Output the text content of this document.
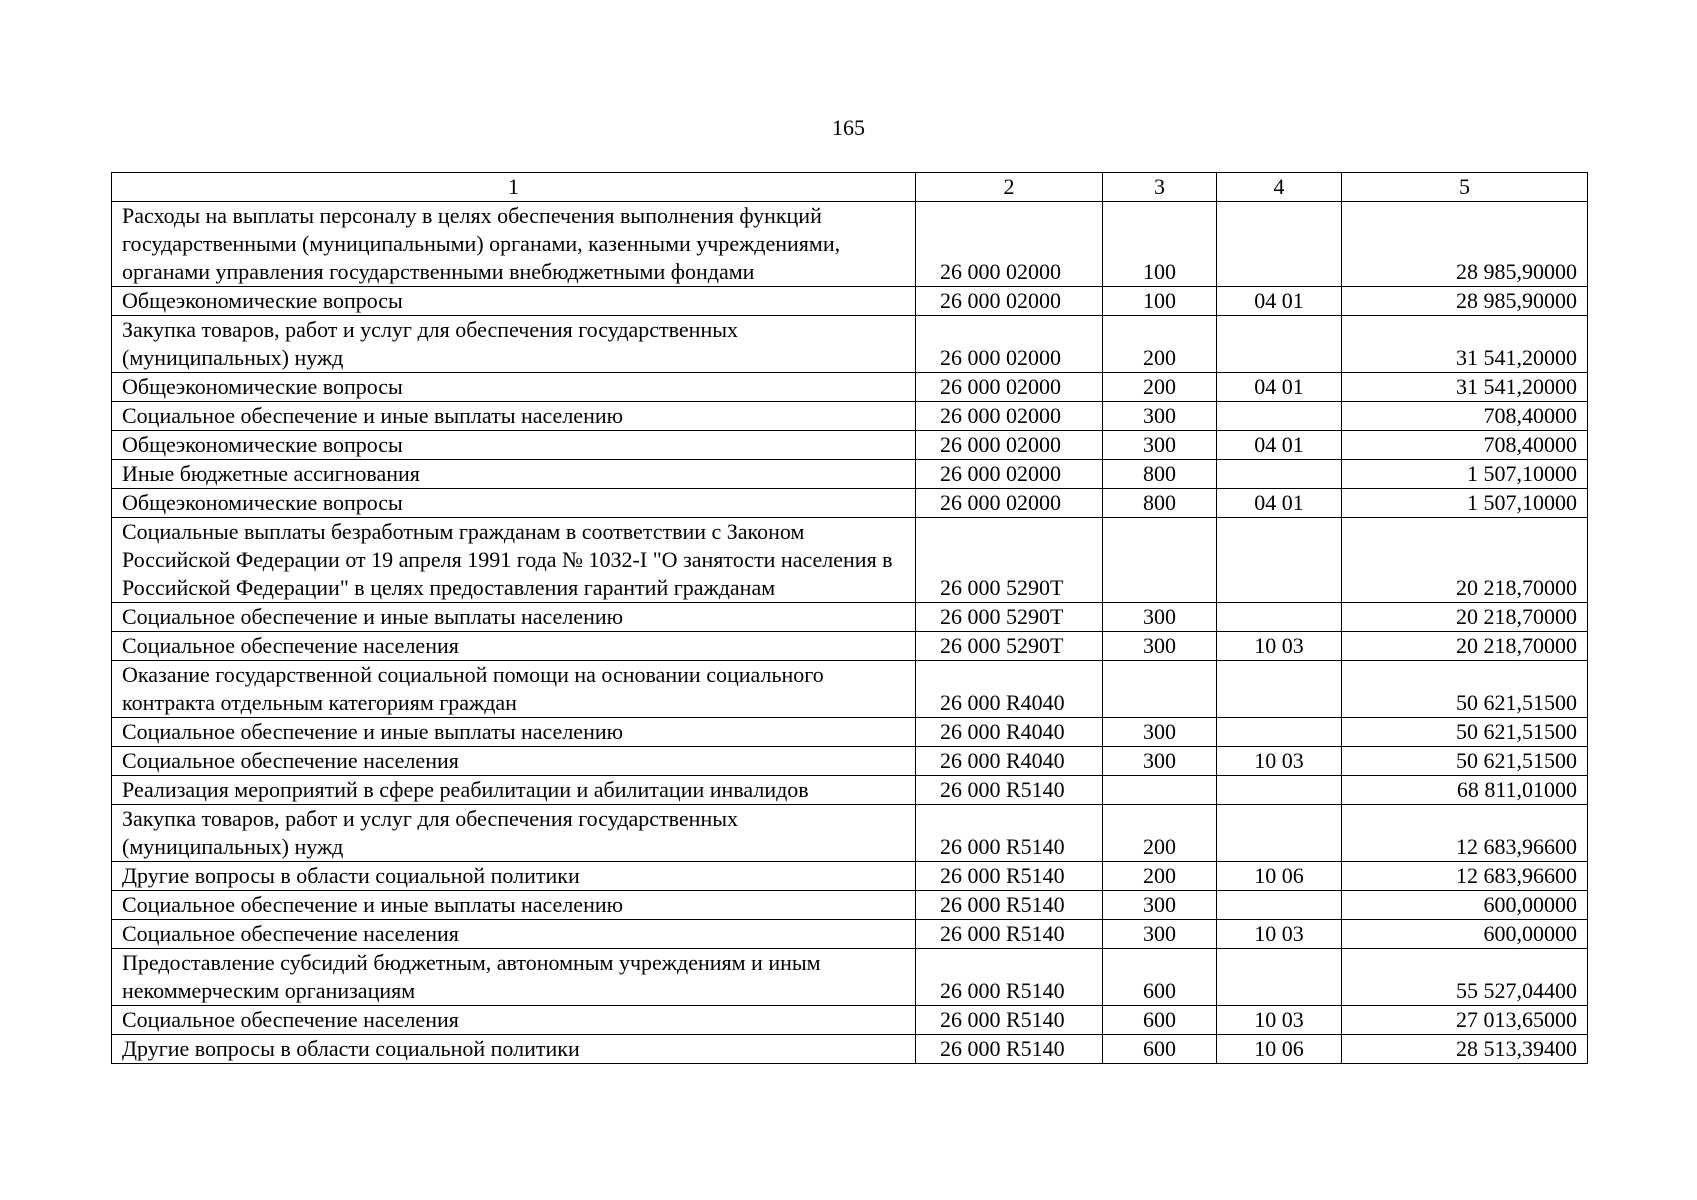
165
1	2	3	4	5
Расходы на выплаты персоналу в целях обеспечения выполнения функций государственными (муниципальными) органами, казенными учреждениями, органами управления государственными внебюджетными фондами	26 000 02000	100		28 985,90000
Общеэкономические вопросы	26 000 02000	100	04 01	28 985,90000
Закупка товаров, работ и услуг для обеспечения государственных (муниципальных) нужд	26 000 02000	200		31 541,20000
Общеэкономические вопросы	26 000 02000	200	04 01	31 541,20000
Социальное обеспечение и иные выплаты населению	26 000 02000	300		708,40000
Общеэкономические вопросы	26 000 02000	300	04 01	708,40000
Иные бюджетные ассигнования	26 000 02000	800		1 507,10000
Общеэкономические вопросы	26 000 02000	800	04 01	1 507,10000
Социальные выплаты безработным гражданам в соответствии с Законом Российской Федерации от 19 апреля 1991 года № 1032-I "О занятости населения в Российской Федерации" в целях предоставления гарантий гражданам	26 000 5290Т			20 218,70000
Социальное обеспечение и иные выплаты населению	26 000 5290Т	300		20 218,70000
Социальное обеспечение населения	26 000 5290Т	300	10 03	20 218,70000
Оказание государственной социальной помощи на основании социального контракта отдельным категориям граждан	26 000 R4040			50 621,51500
Социальное обеспечение и иные выплаты населению	26 000 R4040	300		50 621,51500
Социальное обеспечение населения	26 000 R4040	300	10 03	50 621,51500
Реализация мероприятий в сфере реабилитации и абилитации инвалидов	26 000 R5140			68 811,01000
Закупка товаров, работ и услуг для обеспечения государственных (муниципальных) нужд	26 000 R5140	200		12 683,96600
Другие вопросы в области социальной политики	26 000 R5140	200	10 06	12 683,96600
Социальное обеспечение и иные выплаты населению	26 000 R5140	300		600,00000
Социальное обеспечение населения	26 000 R5140	300	10 03	600,00000
Предоставление субсидий бюджетным, автономным учреждениям и иным некоммерческим организациям	26 000 R5140	600		55 527,04400
Социальное обеспечение населения	26 000 R5140	600	10 03	27 013,65000
Другие вопросы в области социальной политики	26 000 R5140	600	10 06	28 513,39400
